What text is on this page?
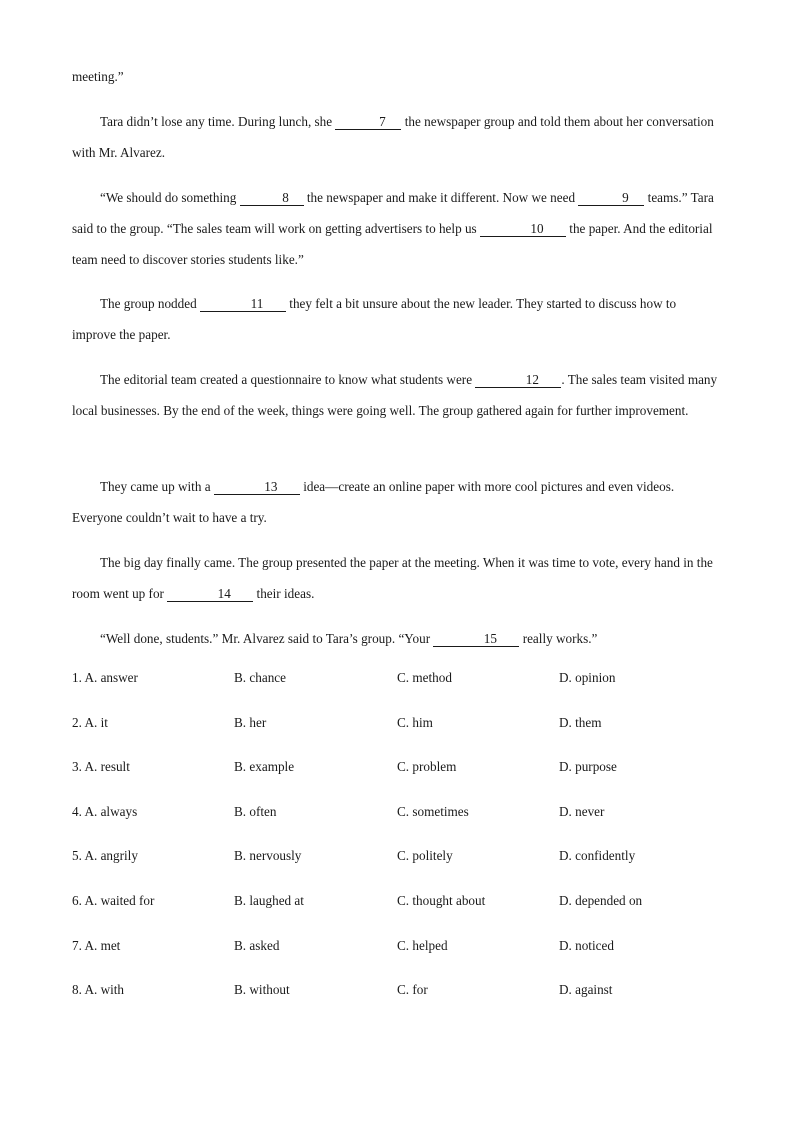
meeting.”

Tara didn’t lose any time. During lunch, she	7 the newspaper group and told them about her conversation with Mr. Alvarez.

“We should do something	8 the newspaper and make it different. Now we need	9 teams.” Tara said to the group. “The sales team will work on getting advertisers to help us	10 the paper. And the editorial team need to discover stories students like.”

The group nodded	11 they felt a bit unsure about the new leader. They started to discuss how to improve the paper.

The editorial team created a questionnaire to know what students were	12 . The sales team visited many local businesses. By the end of the week, things were going well. The group gathered again for further improvement.

They came up with a	13 idea—create an online paper with more cool pictures and even videos. Everyone couldn’t wait to have a try.

The big day finally came. The group presented the paper at the meeting. When it was time to vote, every hand in the room went up for	14 their ideas.

“Well done, students.” Mr. Alvarez said to Tara’s group. “Your	15 really works.”

1. A. answer	B. chance	C. method	D. opinion
2. A. it	B. her	C. him	D. them
3. A. result	B. example	C. problem	D. purpose
4. A. always	B. often	C. sometimes	D. never
5. A. angrily	B. nervously	C. politely	D. confidently
6. A. waited for	B. laughed at	C. thought about	D. depended on
7. A. met	B. asked	C. helped	D. noticed
8. A. with	B. without	C. for	D. against
